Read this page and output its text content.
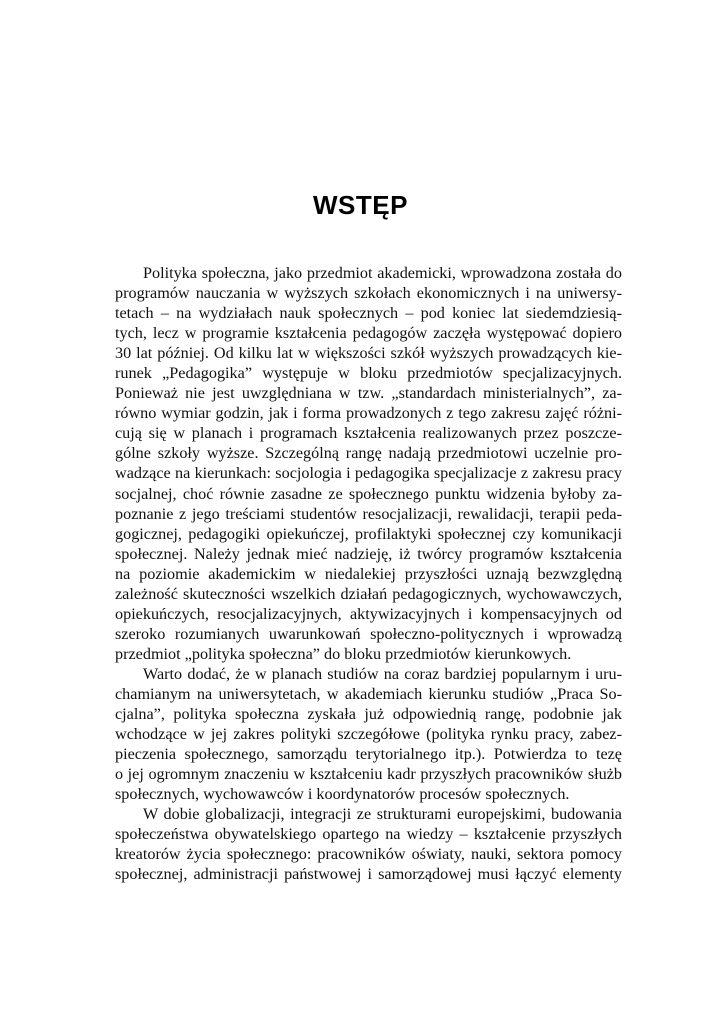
WSTĘP
Polityka społeczna, jako przedmiot akademicki, wprowadzona została do
programów nauczania w wyższych szkołach ekonomicznych i na uniwersy-
tetach – na wydziałach nauk społecznych – pod koniec lat siedemdziesią-
tych, lecz w programie kształcenia pedagogów zaczęła występować dopiero
30 lat później. Od kilku lat w większości szkół wyższych prowadzących kie-
runek „Pedagogika” występuje w bloku przedmiotów specjalizacyjnych.
Ponieważ nie jest uwzględniana w tzw. „standardach ministerialnych”, za-
równo wymiar godzin, jak i forma prowadzonych z tego zakresu zajęć różni-
cują się w planach i programach kształcenia realizowanych przez poszcze-
gólne szkoły wyższe. Szczególną rangę nadają przedmiotowi uczelnie pro-
wadzące na kierunkach: socjologia i pedagogika specjalizacje z zakresu pracy
socjalnej, choć równie zasadne ze społecznego punktu widzenia byłoby za-
poznanie z jego treściami studentów resocjalizacji, rewalidacji, terapii peda-
gogicznej, pedagogiki opiekuńczej, profilaktyki społecznej czy komunikacji
społecznej. Należy jednak mieć nadzieję, iż twórcy programów kształcenia
na poziomie akademickim w niedalekiej przyszłości uznają bezwzględną
zależność skuteczności wszelkich działań pedagogicznych, wychowawczych,
opiekuńczych, resocjalizacyjnych, aktywizacyjnych i kompensacyjnych od
szeroko rozumianych uwarunkowań społeczno-politycznych i wprowadzą
przedmiot „polityka społeczna” do bloku przedmiotów kierunkowych.
Warto dodać, że w planach studiów na coraz bardziej popularnym i uru-
chamianym na uniwersytetach, w akademiach kierunku studiów „Praca So-
cjalna”, polityka społeczna zyskała już odpowiednią rangę, podobnie jak
wchodzące w jej zakres polityki szczegółowe (polityka rynku pracy, zabez-
pieczenia społecznego, samorządu terytorialnego itp.). Potwierdza to tezę
o jej ogromnym znaczeniu w kształceniu kadr przyszłych pracowników służb
społecznych, wychowawców i koordynatorów procesów społecznych.
W dobie globalizacji, integracji ze strukturami europejskimi, budowania
społeczeństwa obywatelskiego opartego na wiedzy – kształcenie przyszłych
kreatorów życia społecznego: pracowników oświaty, nauki, sektora pomocy
społecznej, administracji państwowej i samorządowej musi łączyć elementy
